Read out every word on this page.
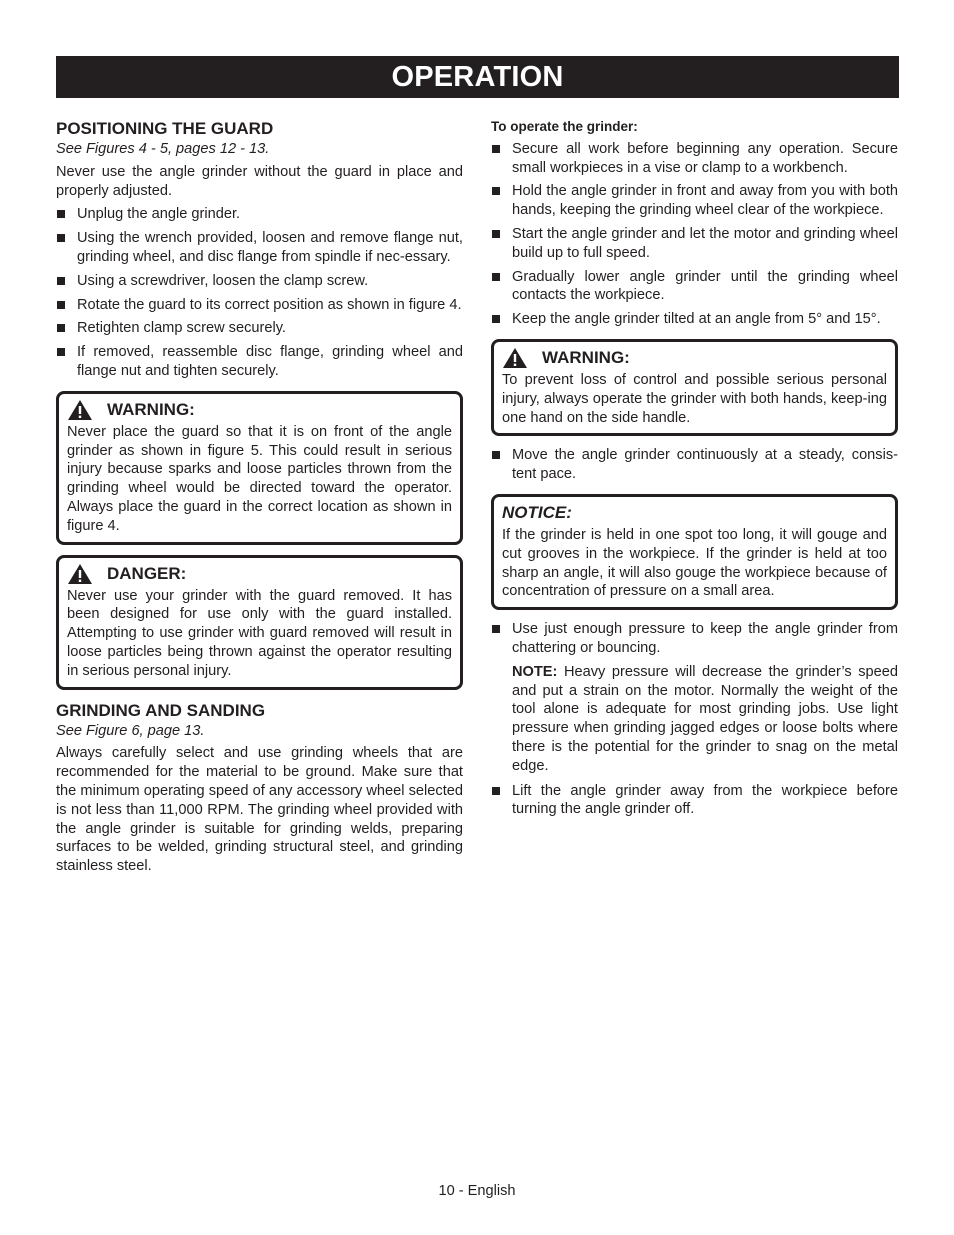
OPERATION
POSITIONING THE GUARD
See Figures 4 - 5, pages 12 - 13.

Never use the angle grinder without the guard in place and properly adjusted.

Unplug the angle grinder.
Using the wrench provided, loosen and remove flange nut, grinding wheel, and disc flange from spindle if nec-essary.
Using a screwdriver, loosen the clamp screw.
Rotate the guard to its correct position as shown in figure 4.
Retighten clamp screw securely.
If removed, reassemble disc flange, grinding wheel and flange nut and tighten securely.
WARNING:

Never place the guard so that it is on front of the angle grinder as shown in figure 5. This could result in serious injury because sparks and loose particles thrown from the grinding wheel would be directed toward the operator. Always place the guard in the correct location as shown in figure 4.

DANGER:

Never use your grinder with the guard removed. It has been designed for use only with the guard installed. Attempting to use grinder with guard removed will result in loose particles being thrown against the operator resulting in serious personal injury.

GRINDING AND SANDING
See Figure 6, page 13.

Always carefully select and use grinding wheels that are recommended for the material to be ground. Make sure that the minimum operating speed of any accessory wheel selected is not less than 11,000 RPM. The grinding wheel provided with the angle grinder is suitable for grinding welds, preparing surfaces to be welded, grinding structural steel, and grinding stainless steel.

To operate the grinder:
Secure all work before beginning any operation. Secure small workpieces in a vise or clamp to a workbench.
Hold the angle grinder in front and away from you with both hands, keeping the grinding wheel clear of the workpiece.
Start the angle grinder and let the motor and grinding wheel build up to full speed.
Gradually lower angle grinder until the grinding wheel contacts the workpiece.
Keep the angle grinder tilted at an angle from 5° and 15°.
WARNING:

To prevent loss of control and possible serious personal injury, always operate the grinder with both hands, keep-ing one hand on the side handle.

Move the angle grinder continuously at a steady, consis-tent pace.
NOTICE:

If the grinder is held in one spot too long, it will gouge and cut grooves in the workpiece. If the grinder is held at too sharp an angle, it will also gouge the workpiece because of concentration of pressure on a small area.

Use just enough pressure to keep the angle grinder from chattering or bouncing.
NOTE: Heavy pressure will decrease the grinder’s speed and put a strain on the motor. Normally the weight of the tool alone is adequate for most grinding jobs. Use light pressure when grinding jagged edges or loose bolts where there is the potential for the grinder to snag on the metal edge.
Lift the angle grinder away from the workpiece before turning the angle grinder off.
10 - English
